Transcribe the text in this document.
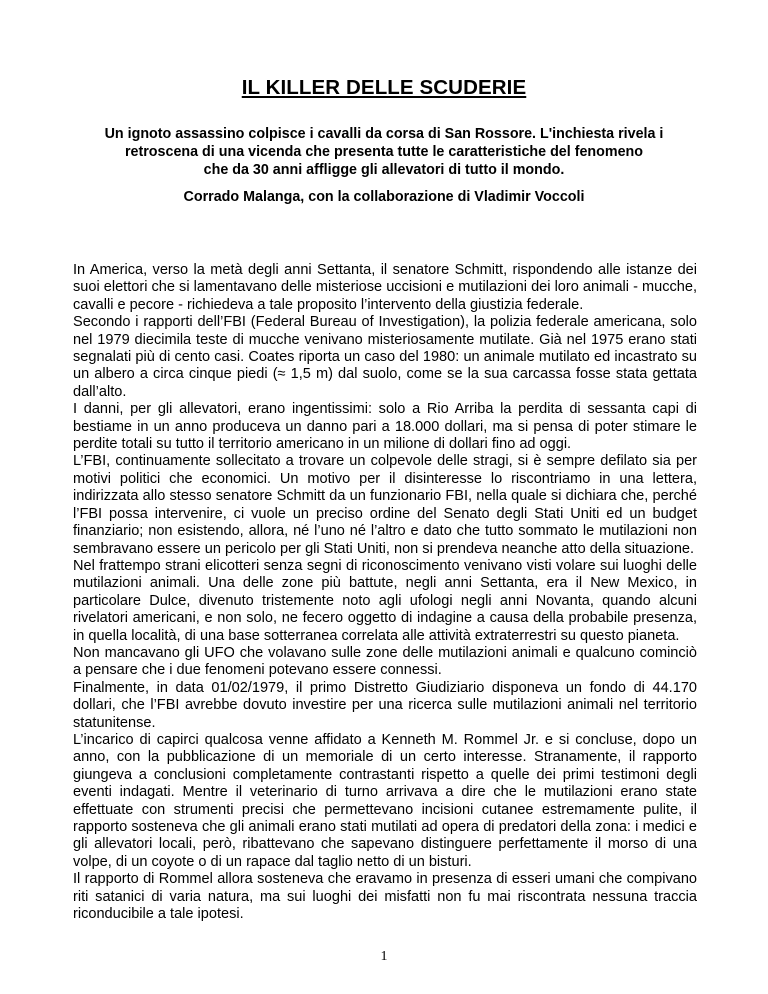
IL KILLER DELLE SCUDERIE
Un ignoto assassino colpisce i cavalli da corsa di San Rossore. L'inchiesta rivela i
retroscena di una vicenda che presenta tutte le caratteristiche del fenomeno
che da 30 anni affligge gli allevatori di tutto il mondo.
Corrado Malanga, con la collaborazione di Vladimir Voccoli

In America, verso la metà degli anni Settanta, il senatore Schmitt, rispondendo alle istanze dei suoi elettori che si lamentavano delle misteriose uccisioni e mutilazioni dei loro animali - mucche, cavalli e pecore - richiedeva a tale proposito l’intervento della giustizia federale.

Secondo i rapporti dell’FBI (Federal Bureau of Investigation), la polizia federale americana, solo nel 1979 diecimila teste di mucche venivano misteriosamente mutilate. Già nel 1975 erano stati segnalati più di cento casi. Coates riporta un caso del 1980: un animale mutilato ed incastrato su un albero a circa cinque piedi (≈ 1,5 m) dal suolo, come se la sua carcassa fosse stata gettata dall’alto.

I danni, per gli allevatori, erano ingentissimi: solo a Rio Arriba la perdita di sessanta capi di bestiame in un anno produceva un danno pari a 18.000 dollari, ma si pensa di poter stimare le perdite totali su tutto il territorio americano in un milione di dollari fino ad oggi.

L’FBI, continuamente sollecitato a trovare un colpevole delle stragi, si è sempre defilato sia per motivi politici che economici. Un motivo per il disinteresse lo riscontriamo in una lettera, indirizzata allo stesso senatore Schmitt da un funzionario FBI, nella quale si dichiara che, perché l’FBI possa intervenire, ci vuole un preciso ordine del Senato degli Stati Uniti ed un budget finanziario; non esistendo, allora, né l’uno né l’altro e dato che tutto sommato le mutilazioni non sembravano essere un pericolo per gli Stati Uniti, non si prendeva neanche atto della situazione.

Nel frattempo strani elicotteri senza segni di riconoscimento venivano visti volare sui luoghi delle mutilazioni animali. Una delle zone più battute, negli anni Settanta, era il New Mexico, in particolare Dulce, divenuto tristemente noto agli ufologi negli anni Novanta, quando alcuni rivelatori americani, e non solo, ne fecero oggetto di indagine a causa della probabile presenza, in quella località, di una base sotterranea correlata alle attività extraterrestri su questo pianeta.

Non mancavano gli UFO che volavano sulle zone delle mutilazioni animali e qualcuno cominciò a pensare che i due fenomeni potevano essere connessi.

Finalmente, in data 01/02/1979, il primo Distretto Giudiziario disponeva un fondo di 44.170 dollari, che l’FBI avrebbe dovuto investire per una ricerca sulle mutilazioni animali nel territorio statunitense.

L’incarico di capirci qualcosa venne affidato a Kenneth M. Rommel Jr. e si concluse, dopo un anno, con la pubblicazione di un memoriale di un certo interesse. Stranamente, il rapporto giungeva a conclusioni completamente contrastanti rispetto a quelle dei primi testimoni degli eventi indagati. Mentre il veterinario di turno arrivava a dire che le mutilazioni erano state effettuate con strumenti precisi che permettevano incisioni cutanee estremamente pulite, il rapporto sosteneva che gli animali erano stati mutilati ad opera di predatori della zona: i medici e gli allevatori locali, però, ribattevano che sapevano distinguere perfettamente il morso di una volpe, di un coyote o di un rapace dal taglio netto di un bisturi.

Il rapporto di Rommel allora sosteneva che eravamo in presenza di esseri umani che compivano riti satanici di varia natura, ma sui luoghi dei misfatti non fu mai riscontrata nessuna traccia riconducibile a tale ipotesi.

1
